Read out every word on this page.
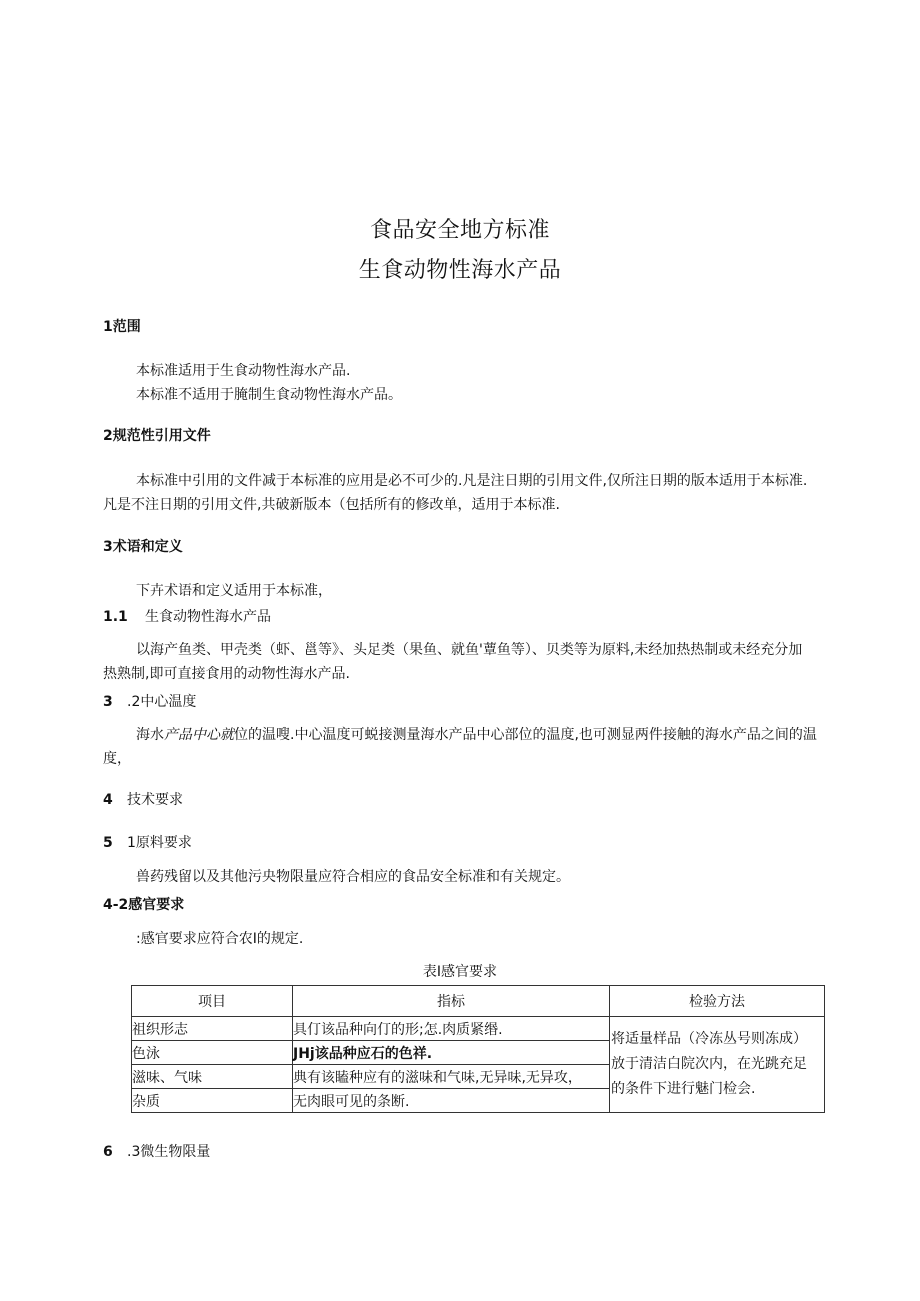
食品安全地方标准
生食动物性海水产品
1范围
本标准适用于生食动物性海水产品.
本标准不适用于腌制生食动物性海水产品。
2规范性引用文件
本标准中引用的文件减于本标准的应用是必不可少的.凡是注日期的引用文件,仅所注日期的版本适用于本标准.
凡是不注日期的引用文件,共破新版本（包括所有的修改单，适用于本标准.
3术语和定义
下卉术语和定义适用于本标准，
1.1 生食动物性海水产品
以海产鱼类、甲壳类（虾、邕等》、头足类（果鱼、就鱼'蕈鱼等）、贝类等为原料,未经加热热制或未经充分加
热熟制,即可直接食用的动物性海水产品.
3 .2中心温度
海水产品中心就位的温嗖.中心温度可蜕接测量海水产品中心部位的温度,也可测显两件接触的海水产品之间的温
度，
4 技术要求
5 1原料要求
兽药残留以及其他污央物限量应符合相应的食品安全标准和有关规定。
4-2感官要求
:感官要求应符合农I的规定.
表I感官要求
项目	指标	检验方法
祖织形志	具仃该品种向仃的形;怎.肉质紧缗.	将适量样品（冷冻丛号则冻成）
放于清洁白院次内，在光跳充足
的条件下进行魅门检会.

色泳	JHj该品种应石的色祥.	
滋味、气味	典有该瞌种应有的滋味和气味,无异味,无异攻，	
杂质	无肉眼可见的条断.	
6 .3微生物限量
